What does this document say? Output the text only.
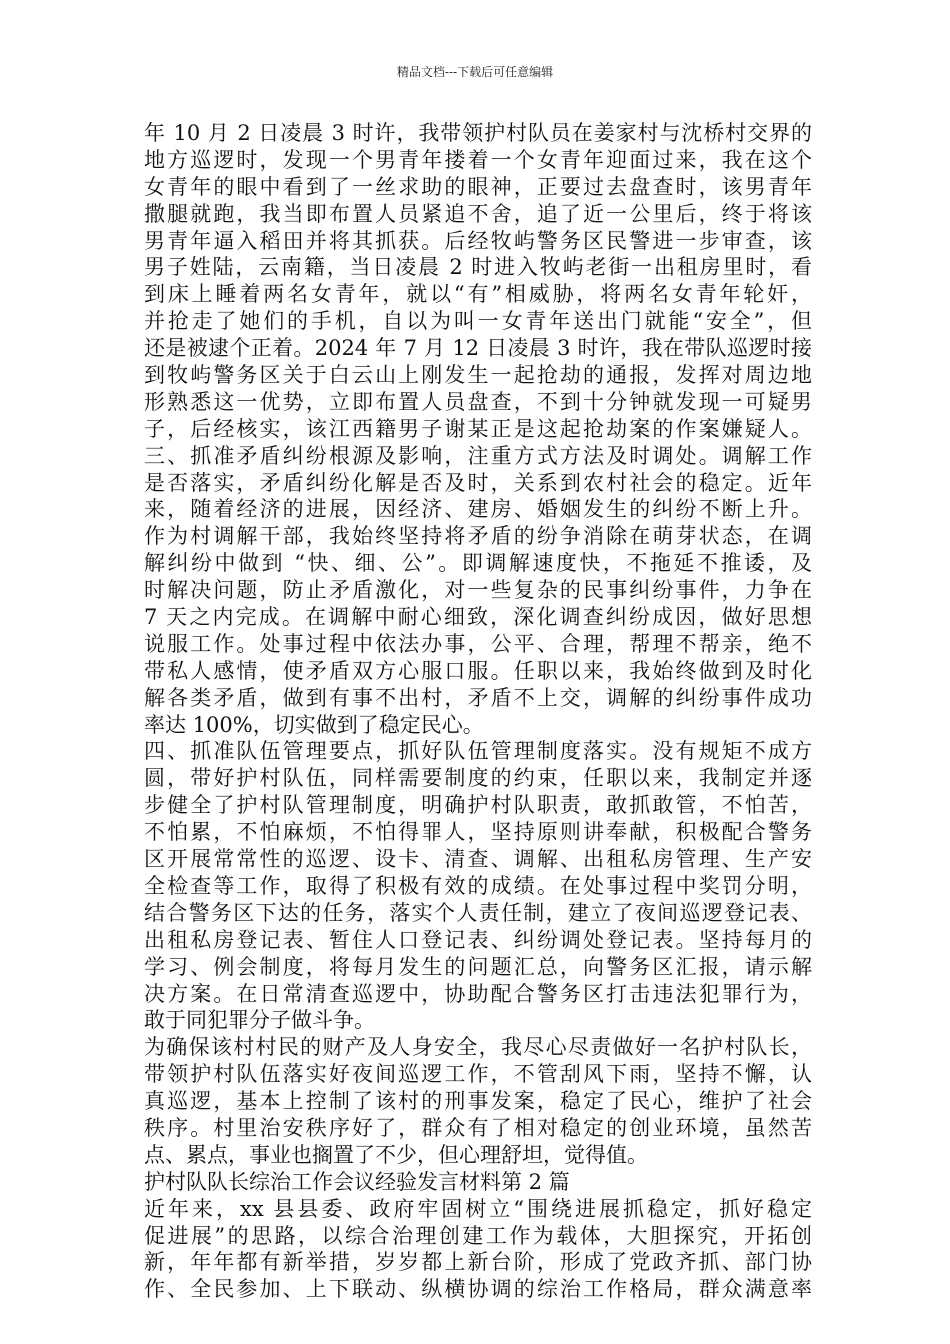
精品文档---下载后可任意编辑
年 10 月 2 日凌晨 3 时许，我带领护村队员在姜家村与沈桥村交界的
地方巡逻时，发现一个男青年搂着一个女青年迎面过来，我在这个
女青年的眼中看到了一丝求助的眼神，正要过去盘查时，该男青年
撒腿就跑，我当即布置人员紧追不舍，追了近一公里后，终于将该
男青年逼入稻田并将其抓获。后经牧屿警务区民警进一步审查，该
男子姓陆，云南籍，当日凌晨 2 时进入牧屿老街一出租房里时，看
到床上睡着两名女青年，就以“有”相威胁，将两名女青年轮奸，
并抢走了她们的手机，自以为叫一女青年送出门就能“安全”，但
还是被逮个正着。2024 年 7 月 12 日凌晨 3 时许，我在带队巡逻时接
到牧屿警务区关于白云山上刚发生一起抢劫的通报，发挥对周边地
形熟悉这一优势，立即布置人员盘查，不到十分钟就发现一可疑男
子，后经核实，该江西籍男子谢某正是这起抢劫案的作案嫌疑人。
三、抓准矛盾纠纷根源及影响，注重方式方法及时调处。调解工作
是否落实，矛盾纠纷化解是否及时，关系到农村社会的稳定。近年
来，随着经济的进展，因经济、建房、婚姻发生的纠纷不断上升。
作为村调解干部，我始终坚持将矛盾的纷争消除在萌芽状态，在调
解纠纷中做到 “快、细、公”。即调解速度快，不拖延不推诿，及
时解决问题，防止矛盾激化，对一些复杂的民事纠纷事件，力争在
7 天之内完成。在调解中耐心细致，深化调查纠纷成因，做好思想
说服工作。处事过程中依法办事，公平、合理，帮理不帮亲，绝不
带私人感情，使矛盾双方心服口服。任职以来，我始终做到及时化
解各类矛盾，做到有事不出村，矛盾不上交，调解的纠纷事件成功
率达 100%，切实做到了稳定民心。
四、抓准队伍管理要点，抓好队伍管理制度落实。没有规矩不成方
圆，带好护村队伍，同样需要制度的约束，任职以来，我制定并逐
步健全了护村队管理制度，明确护村队职责，敢抓敢管，不怕苦，
不怕累，不怕麻烦，不怕得罪人，坚持原则讲奉献，积极配合警务
区开展常常性的巡逻、设卡、清查、调解、出租私房管理、生产安
全检查等工作，取得了积极有效的成绩。在处事过程中奖罚分明，
结合警务区下达的任务，落实个人责任制，建立了夜间巡逻登记表、
出租私房登记表、暂住人口登记表、纠纷调处登记表。坚持每月的
学习、例会制度，将每月发生的问题汇总，向警务区汇报，请示解
决方案。在日常清查巡逻中，协助配合警务区打击违法犯罪行为，
敢于同犯罪分子做斗争。
为确保该村村民的财产及人身安全，我尽心尽责做好一名护村队长，
带领护村队伍落实好夜间巡逻工作，不管刮风下雨，坚持不懈，认
真巡逻，基本上控制了该村的刑事发案，稳定了民心，维护了社会
秩序。村里治安秩序好了，群众有了相对稳定的创业环境，虽然苦
点、累点，事业也搁置了不少，但心理舒坦，觉得值。
护村队队长综治工作会议经验发言材料第 2 篇
近年来，xx 县县委、政府牢固树立“围绕进展抓稳定，抓好稳定
促进展”的思路，以综合治理创建工作为载体，大胆探究，开拓创
新，年年都有新举措，岁岁都上新台阶，形成了党政齐抓、部门协
作、全民参加、上下联动、纵横协调的综治工作格局，群众满意率
